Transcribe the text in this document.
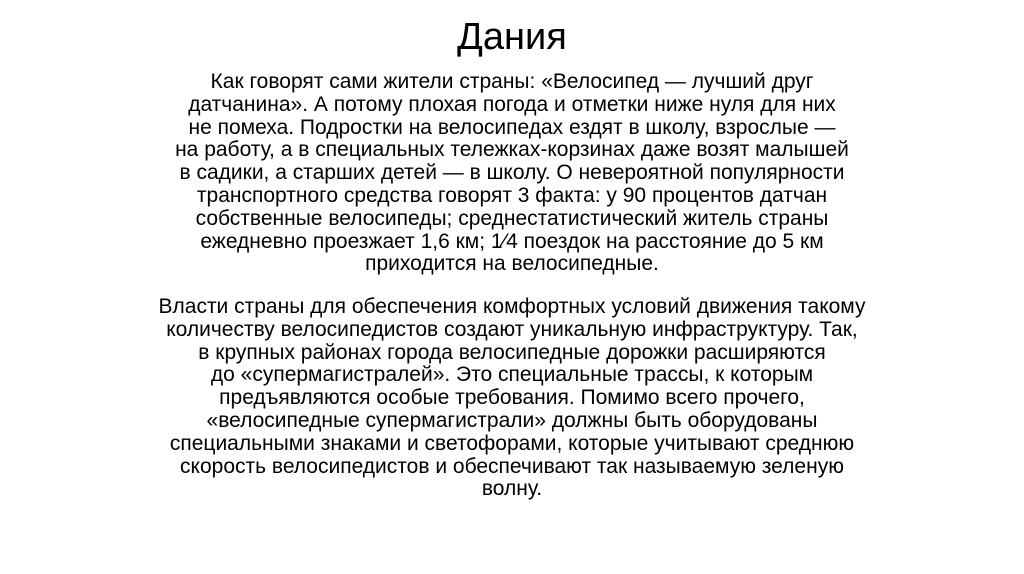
Дания

Как говорят сами жители страны: «Велосипед — лучший друг
датчанина». А потому плохая погода и отметки ниже нуля для них
не помеха. Подростки на велосипедах ездят в школу, взрослые —
на работу, а в специальных тележках-корзинах даже возят малышей
в садики, а старших детей — в школу. О невероятной популярности
транспортного средства говорят 3 факта: у 90 процентов датчан
собственные велосипеды; среднестатистический житель страны
ежедневно проезжает 1,6 км; 1⁄4 поездок на расстояние до 5 км
приходится на велосипедные.

Власти страны для обеспечения комфортных условий движения такому
количеству велосипедистов создают уникальную инфраструктуру. Так,
в крупных районах города велосипедные дорожки расширяются
до «супермагистралей». Это специальные трассы, к которым
предъявляются особые требования. Помимо всего прочего,
«велосипедные супермагистрали» должны быть оборудованы
специальными знаками и светофорами, которые учитывают среднюю
скорость велосипедистов и обеспечивают так называемую зеленую
волну.
